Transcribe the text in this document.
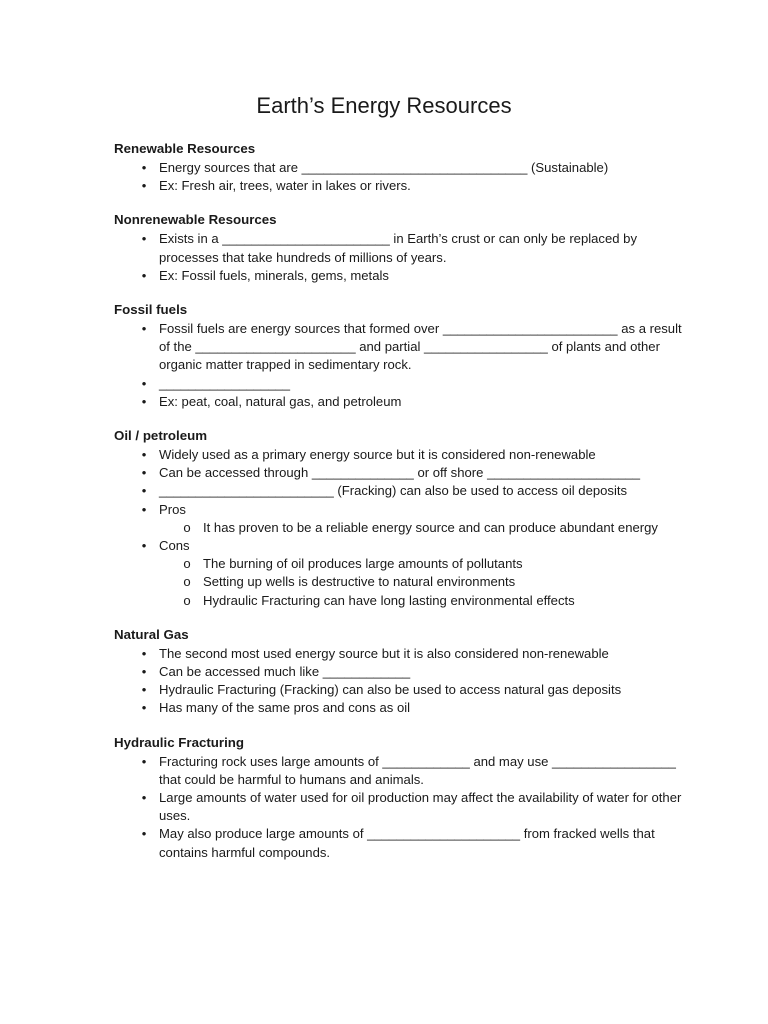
Earth’s Energy Resources
Renewable Resources
• Energy sources that are _______________________________ (Sustainable)
• Ex: Fresh air, trees, water in lakes or rivers.
Nonrenewable Resources
• Exists in a _______________________ in Earth’s crust or can only be replaced by processes that take hundreds of millions of years.
• Ex: Fossil fuels, minerals, gems, metals
Fossil fuels
• Fossil fuels are energy sources that formed over ________________________ as a result of the ______________________ and partial _________________ of plants and other organic matter trapped in sedimentary rock.
• __________________
• Ex: peat, coal, natural gas, and petroleum
Oil / petroleum
• Widely used as a primary energy source but it is considered non-renewable
• Can be accessed through ______________ or off shore _____________________
• ________________________ (Fracking) can also be used to access oil deposits
• Pros
o It has proven to be a reliable energy source and can produce abundant energy
• Cons
o The burning of oil produces large amounts of pollutants
o Setting up wells is destructive to natural environments
o Hydraulic Fracturing can have long lasting environmental effects
Natural Gas
• The second most used energy source but it is also considered non-renewable
• Can be accessed much like ____________
• Hydraulic Fracturing (Fracking) can also be used to access natural gas deposits
• Has many of the same pros and cons as oil
Hydraulic Fracturing
• Fracturing rock uses large amounts of ____________ and may use _________________ that could be harmful to humans and animals.
• Large amounts of water used for oil production may affect the availability of water for other uses.
• May also produce large amounts of _____________________ from fracked wells that contains harmful compounds.
